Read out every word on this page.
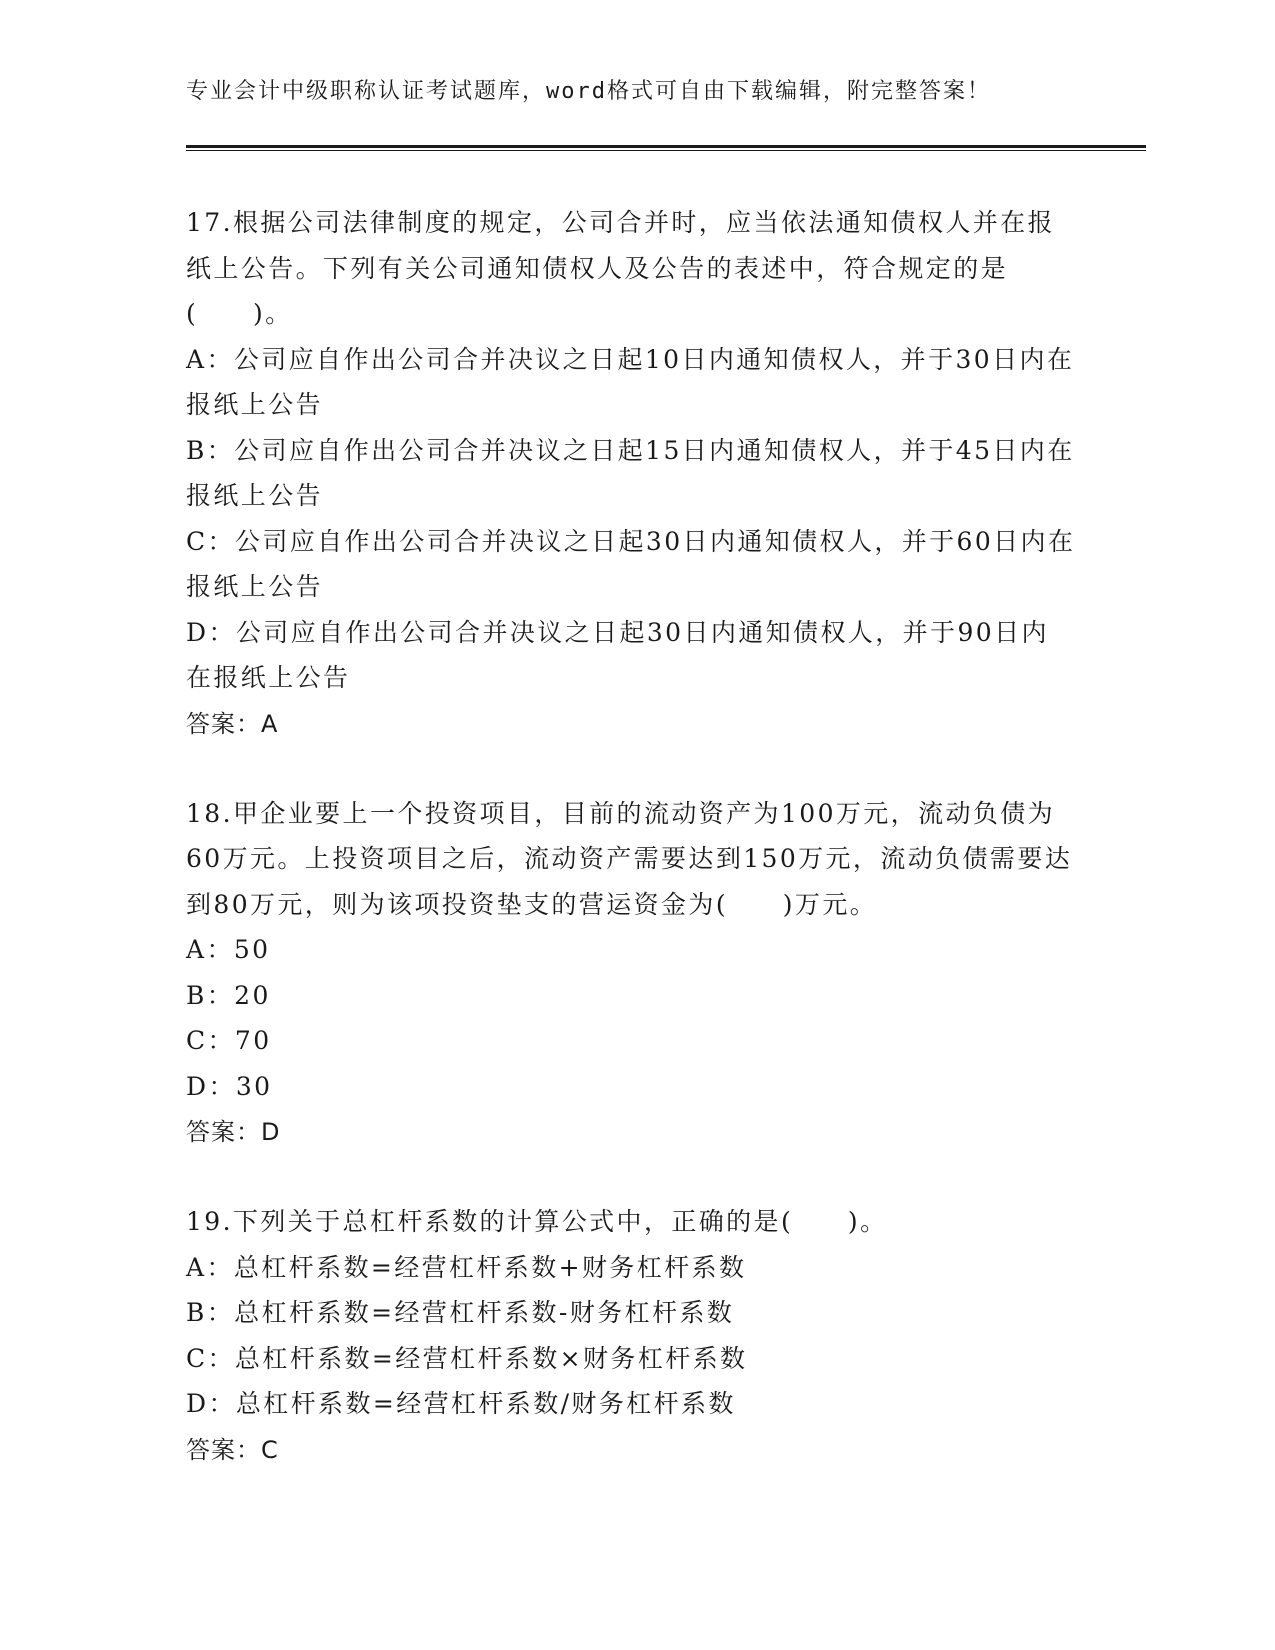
专业会计中级职称认证考试题库，word格式可自由下载编辑，附完整答案！

17.根据公司法律制度的规定，公司合并时，应当依法通知债权人并在报纸上公告。下列有关公司通知债权人及公告的表述中，符合规定的是(　　)。

A：公司应自作出公司合并决议之日起10日内通知债权人，并于30日内在报纸上公告

B：公司应自作出公司合并决议之日起15日内通知债权人，并于45日内在报纸上公告

C：公司应自作出公司合并决议之日起30日内通知债权人，并于60日内在报纸上公告

D：公司应自作出公司合并决议之日起30日内通知债权人，并于90日内在报纸上公告

答案：A

18.甲企业要上一个投资项目，目前的流动资产为100万元，流动负债为60万元。上投资项目之后，流动资产需要达到150万元，流动负债需要达到80万元，则为该项投资垫支的营运资金为(　　)万元。

A：50

B：20

C：70

D：30

答案：D

19.下列关于总杠杆系数的计算公式中，正确的是(　　)。

A：总杠杆系数=经营杠杆系数+财务杠杆系数

B：总杠杆系数=经营杠杆系数-财务杠杆系数

C：总杠杆系数=经营杠杆系数×财务杠杆系数

D：总杠杆系数=经营杠杆系数/财务杠杆系数

答案：C
